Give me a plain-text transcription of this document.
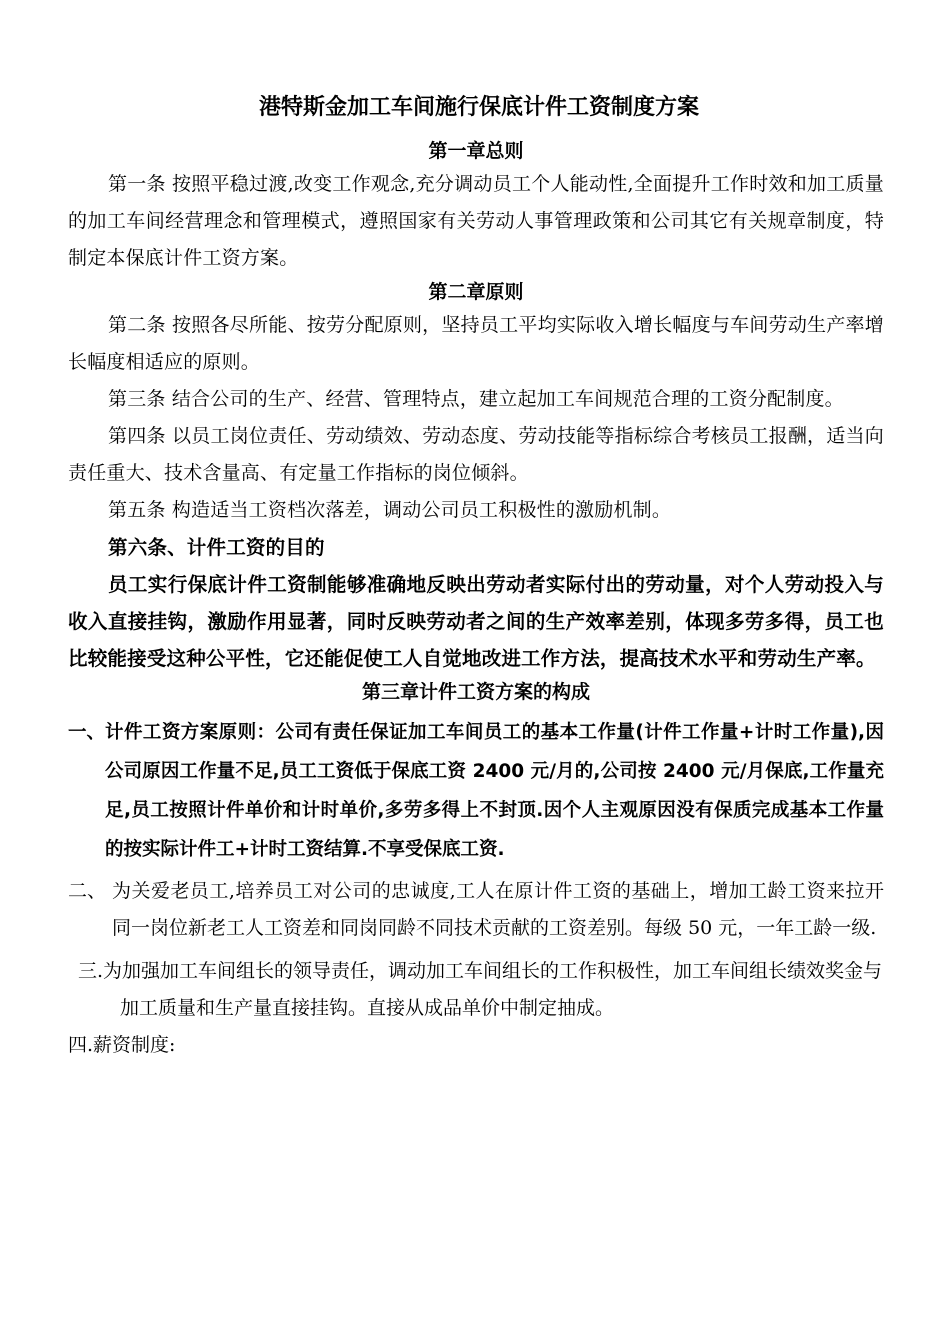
港特斯金加工车间施行保底计件工资制度方案
第一章总则

第一条 按照平稳过渡,改变工作观念,充分调动员工个人能动性,全面提升工作时效和加工质量的加工车间经营理念和管理模式，遵照国家有关劳动人事管理政策和公司其它有关规章制度，特制定本保底计件工资方案。

第二章原则

第二条 按照各尽所能、按劳分配原则，坚持员工平均实际收入增长幅度与车间劳动生产率增长幅度相适应的原则。

第三条 结合公司的生产、经营、管理特点，建立起加工车间规范合理的工资分配制度。

第四条 以员工岗位责任、劳动绩效、劳动态度、劳动技能等指标综合考核员工报酬，适当向责任重大、技术含量高、有定量工作指标的岗位倾斜。

第五条 构造适当工资档次落差，调动公司员工积极性的激励机制。

第六条、计件工资的目的

员工实行保底计件工资制能够准确地反映出劳动者实际付出的劳动量，对个人劳动投入与收入直接挂钩，激励作用显著，同时反映劳动者之间的生产效率差别，体现多劳多得，员工也比较能接受这种公平性，它还能促使工人自觉地改进工作方法，提高技术水平和劳动生产率。

第三章计件工资方案的构成
一、 计件工资方案原则：公司有责任保证加工车间员工的基本工作量(计件工作量+计时工作量),因公司原因工作量不足,员工工资低于保底工资 2400 元/月的,公司按 2400 元/月保底,工作量充足,员工按照计件单价和计时单价,多劳多得上不封顶.因个人主观原因没有保质完成基本工作量的按实际计件工+计时工资结算.不享受保底工资.
二、 为关爱老员工,培养员工对公司的忠诚度,工人在原计件工资的基础上，增加工龄工资来拉开同一岗位新老工人工资差和同岗同龄不同技术贡献的工资差别。每级 50 元，一年工龄一级.

三.为加强加工车间组长的领导责任，调动加工车间组长的工作积极性，加工车间组长绩效奖金与加工质量和生产量直接挂钩。直接从成品单价中制定抽成。

四.薪资制度:
